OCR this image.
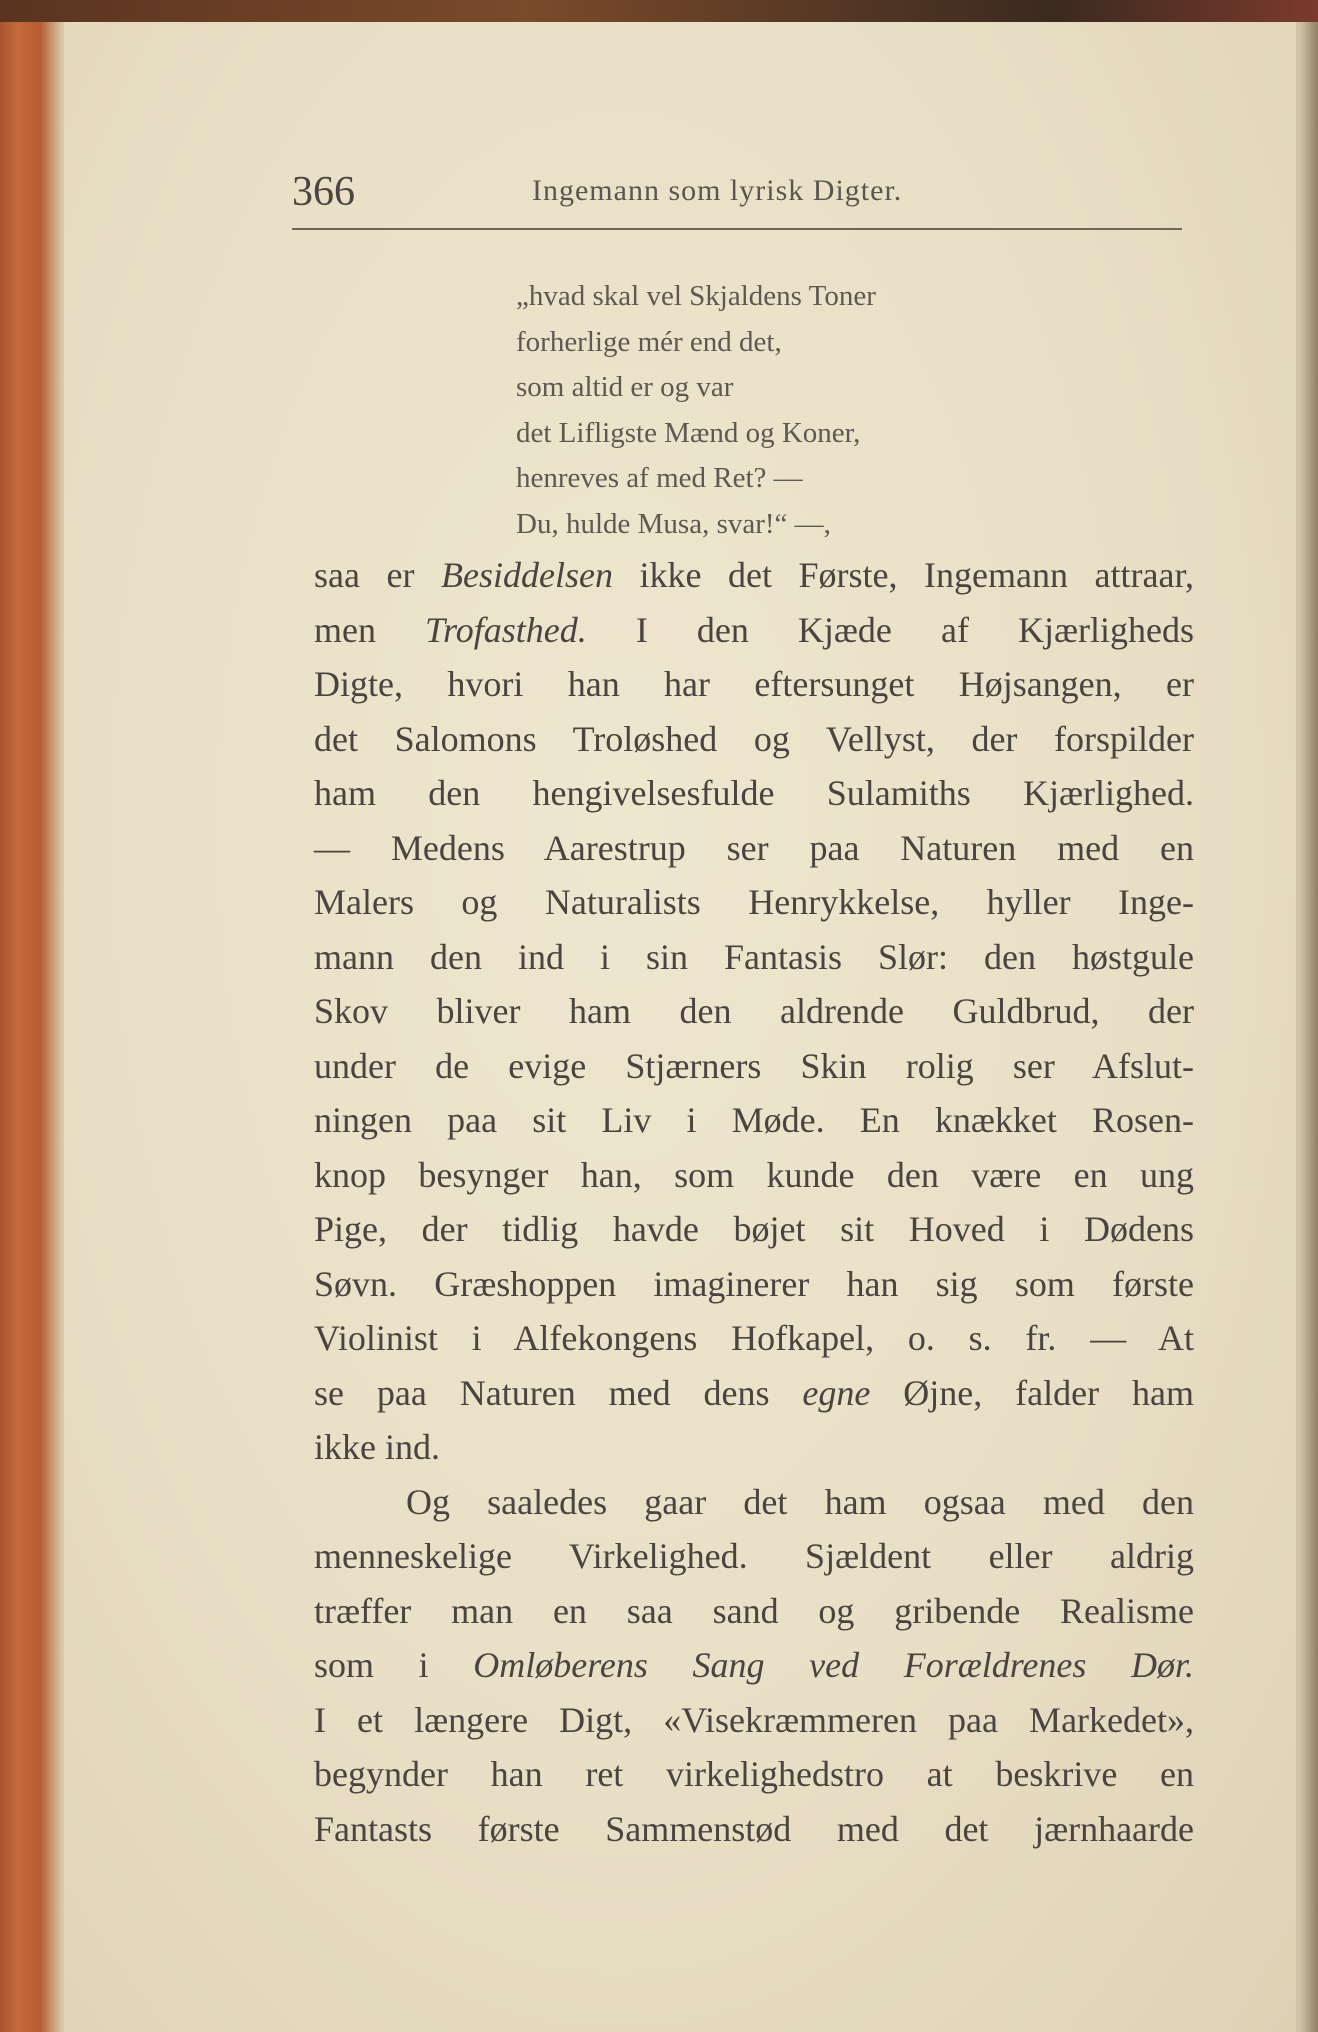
366	Ingemann som lyrisk Digter.
„hvad skal vel Skjaldens Toner
forherlige mér end det,
som altid er og var
det Lifligste Mænd og Koner,
henreves af med Ret? —
Du, hulde Musa, svar!“ —,
saa er Besiddelsen ikke det Første, Ingemann attraar,
men Trofasthed. I den Kjæde af Kjærligheds
Digte, hvori han har eftersunget Højsangen, er
det Salomons Troløshed og Vellyst, der forspilder
ham den hengivelsesfulde Sulamiths Kjærlighed.
— Medens Aarestrup ser paa Naturen med en
Malers og Naturalists Henrykkelse, hyller Inge-
mann den ind i sin Fantasis Slør: den høstgule
Skov bliver ham den aldrende Guldbrud, der
under de evige Stjærners Skin rolig ser Afslut-
ningen paa sit Liv i Møde. En knækket Rosen-
knop besynger han, som kunde den være en ung
Pige, der tidlig havde bøjet sit Hoved i Dødens
Søvn. Græshoppen imaginerer han sig som første
Violinist i Alfekongens Hofkapel, o. s. fr. — At
se paa Naturen med dens egne Øjne, falder ham
ikke ind.
Og saaledes gaar det ham ogsaa med den
menneskelige Virkelighed. Sjældent eller aldrig
træffer man en saa sand og gribende Realisme
som i Omløberens Sang ved Forældrenes Dør.
I et længere Digt, «Visekræmmeren paa Markedet»,
begynder han ret virkelighedstro at beskrive en
Fantasts første Sammenstød med det jærnhaarde
